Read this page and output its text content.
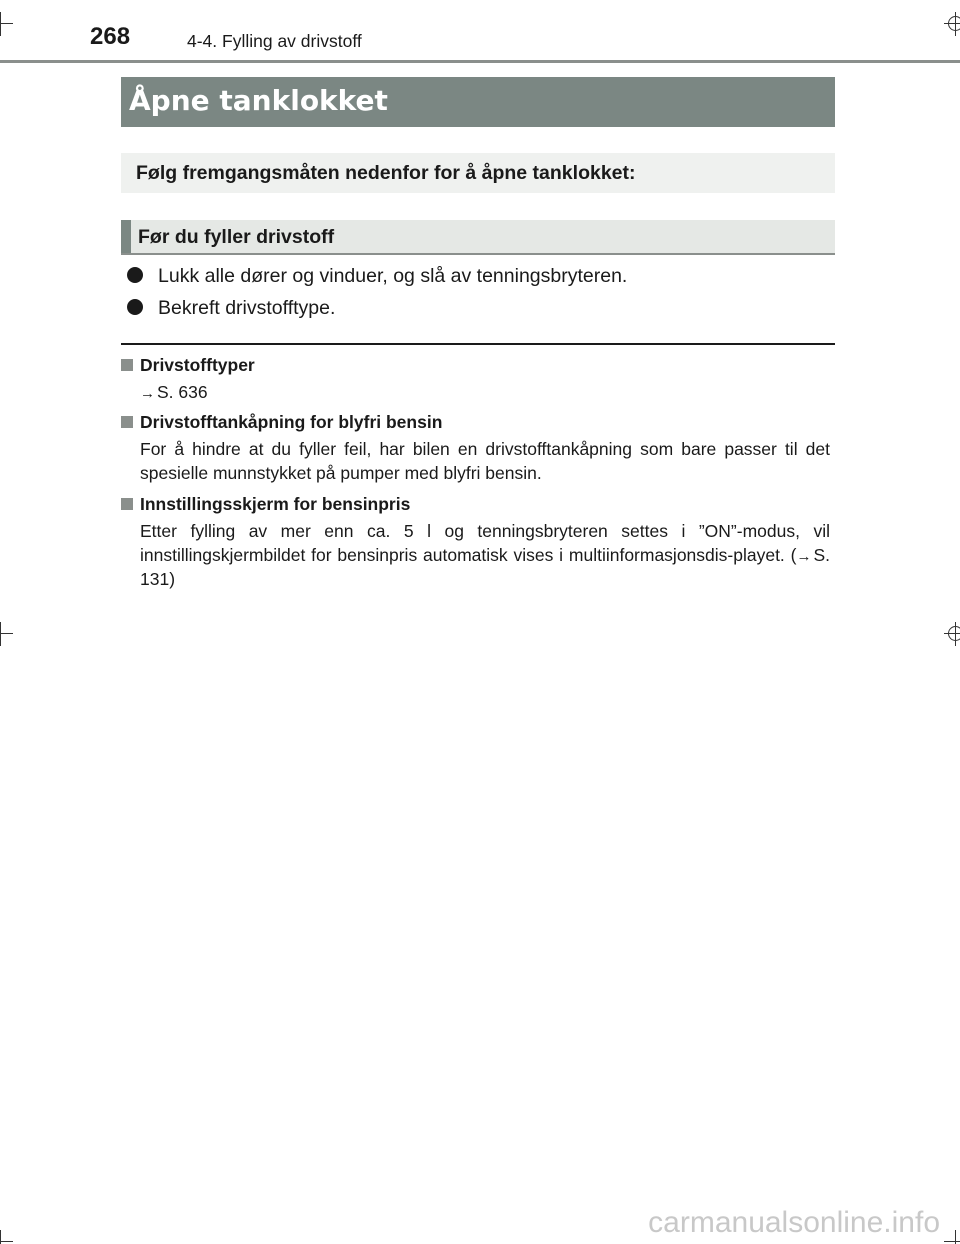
268	4-4. Fylling av drivstoff
Åpne tanklokket
Følg fremgangsmåten nedenfor for å åpne tanklokket:
Før du fyller drivstoff
Lukk alle dører og vinduer, og slå av tenningsbryteren.
Bekreft drivstofftype.
Drivstofftyper
→ S. 636
Drivstofftankåpning for blyfri bensin
For å hindre at du fyller feil, har bilen en drivstofftankåpning som bare passer til det spesielle munnstykket på pumper med blyfri bensin.
Innstillingsskjerm for bensinpris
Etter fylling av mer enn ca. 5 l og tenningsbryteren settes i ”ON”-modus, vil innstillingskjermbildet for bensinpris automatisk vises i multiinformasjonsdis-playet. (→ S. 131)
carmanualsonline.info
